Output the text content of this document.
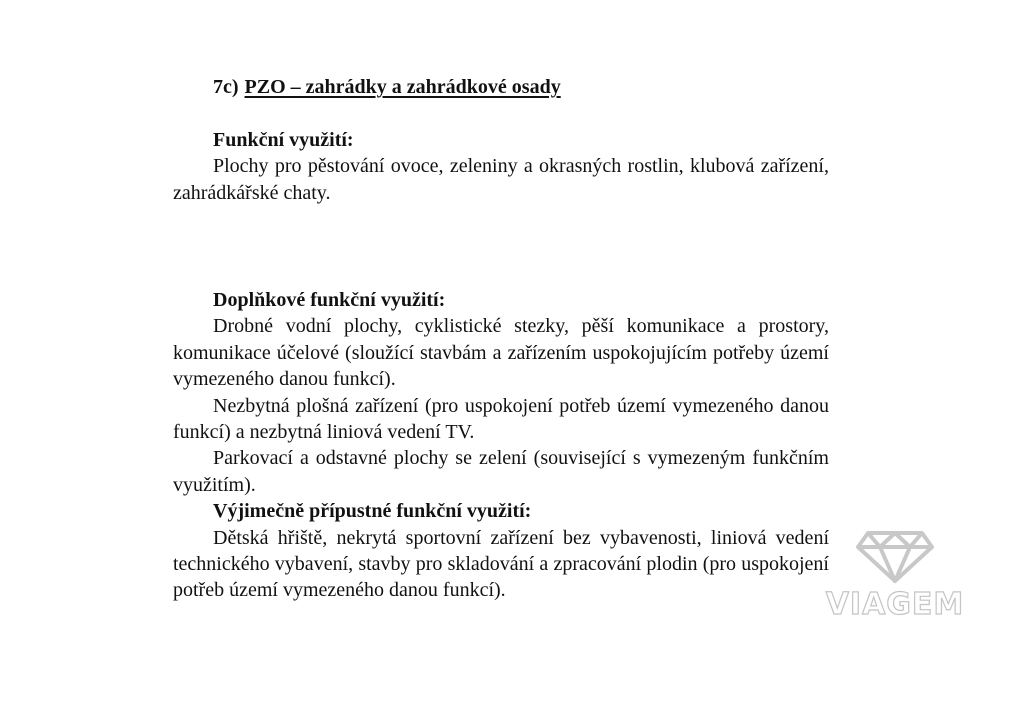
7c) PZO – zahrádky a zahrádkové osady
Funkční využití:

Plochy pro pěstování ovoce, zeleniny a okrasných rostlin, klubová zařízení, zahrádkářské chaty.

Doplňkové funkční využití:

Drobné vodní plochy, cyklistické stezky, pěší komunikace a prostory, komunikace účelové (sloužící stavbám a zařízením uspokojujícím potřeby území vymezeného danou funkcí).

Nezbytná plošná zařízení (pro uspokojení potřeb území vymezeného danou funkcí) a nezbytná liniová vedení TV.

Parkovací a odstavné plochy se zelení (související s vymezeným funkčním využitím).

Výjimečně přípustné funkční využití:

Dětská hřiště, nekrytá sportovní zařízení bez vybavenosti, liniová vedení technického vybavení, stavby pro skladování a zpracování plodin (pro uspokojení potřeb území vymezeného danou funkcí).	VIAGEM
